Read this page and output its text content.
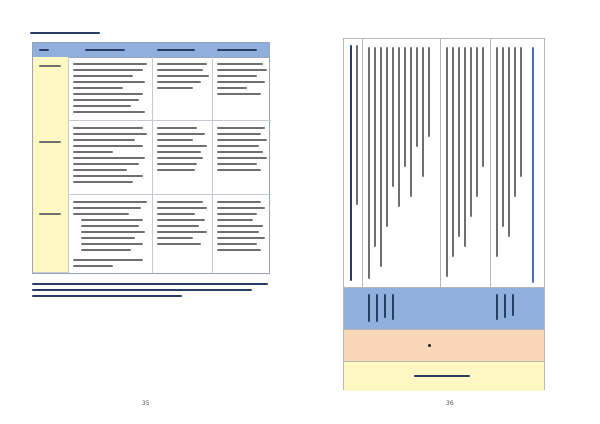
35	36
